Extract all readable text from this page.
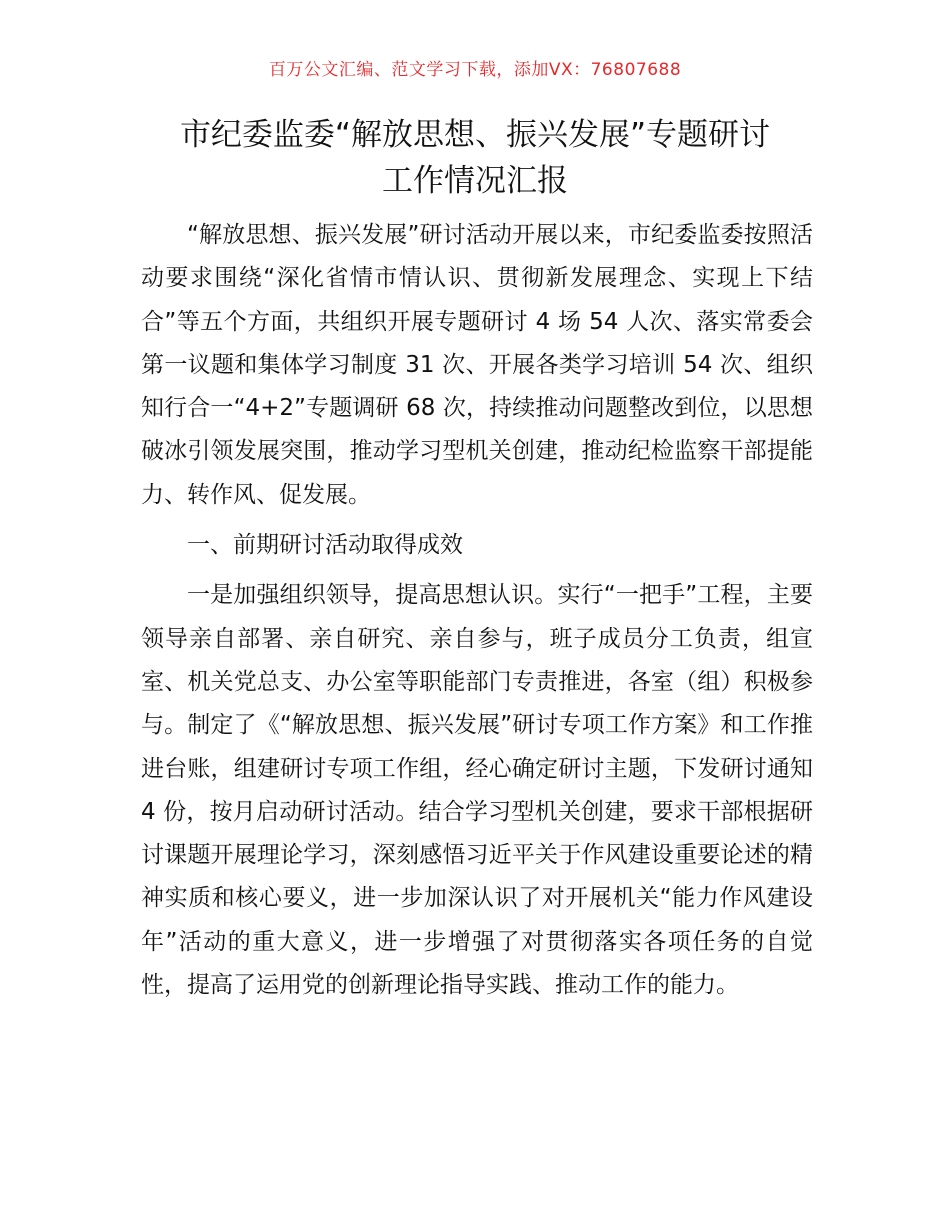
百万公文汇编、范文学习下载，添加VX：76807688
市纪委监委“解放思想、振兴发展”专题研讨
工作情况汇报

“解放思想、振兴发展”研讨活动开展以来，市纪委监委按照活动要求围绕“深化省情市情认识、贯彻新发展理念、实现上下结合”等五个方面，共组织开展专题研讨 4 场 54 人次、落实常委会第一议题和集体学习制度 31 次、开展各类学习培训 54 次、组织知行合一“4+2”专题调研 68 次，持续推动问题整改到位，以思想破冰引领发展突围，推动学习型机关创建，推动纪检监察干部提能力、转作风、促发展。

一、前期研讨活动取得成效

一是加强组织领导，提高思想认识。实行“一把手”工程，主要领导亲自部署、亲自研究、亲自参与，班子成员分工负责，组宣室、机关党总支、办公室等职能部门专责推进，各室（组）积极参与。制定了《“解放思想、振兴发展”研讨专项工作方案》和工作推进台账，组建研讨专项工作组，经心确定研讨主题，下发研讨通知 4 份，按月启动研讨活动。结合学习型机关创建，要求干部根据研讨课题开展理论学习，深刻感悟习近平关于作风建设重要论述的精神实质和核心要义，进一步加深认识了对开展机关“能力作风建设年”活动的重大意义，进一步增强了对贯彻落实各项任务的自觉性，提高了运用党的创新理论指导实践、推动工作的能力。
